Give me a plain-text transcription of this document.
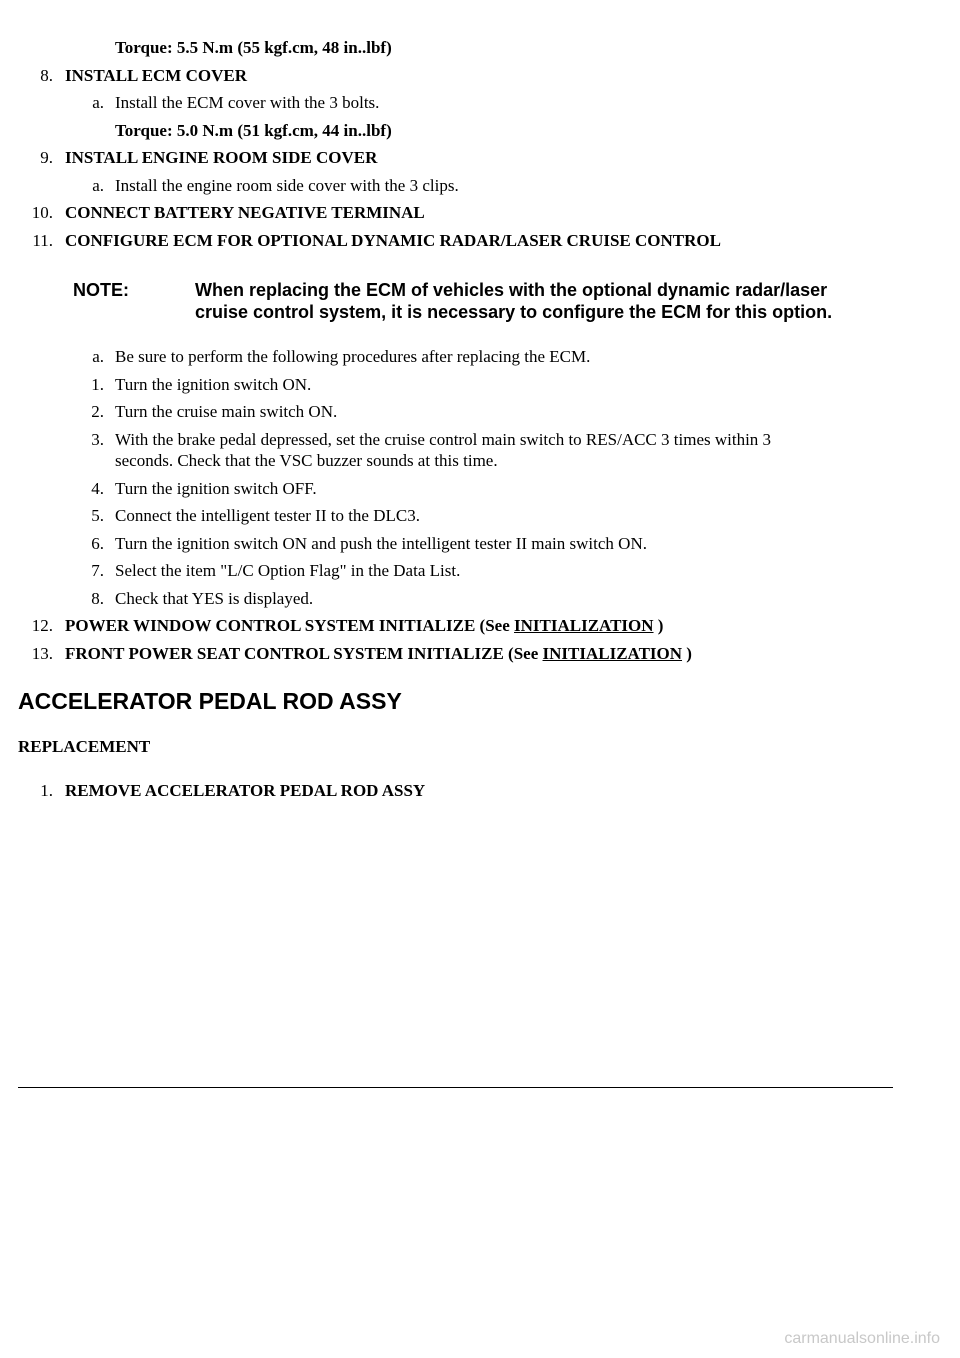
Torque: 5.5 N.m (55 kgf.cm, 48 in..lbf)
8. INSTALL ECM COVER
a. Install the ECM cover with the 3 bolts.
Torque: 5.0 N.m (51 kgf.cm, 44 in..lbf)
9. INSTALL ENGINE ROOM SIDE COVER
a. Install the engine room side cover with the 3 clips.
10. CONNECT BATTERY NEGATIVE TERMINAL
11. CONFIGURE ECM FOR OPTIONAL DYNAMIC RADAR/LASER CRUISE CONTROL
NOTE:	When replacing the ECM of vehicles with the optional dynamic radar/laser
cruise control system, it is necessary to configure the ECM for this option.
a. Be sure to perform the following procedures after replacing the ECM.
1. Turn the ignition switch ON.
2. Turn the cruise main switch ON.
3. With the brake pedal depressed, set the cruise control main switch to RES/ACC 3 times within 3
seconds. Check that the VSC buzzer sounds at this time.
4. Turn the ignition switch OFF.
5. Connect the intelligent tester II to the DLC3.
6. Turn the ignition switch ON and push the intelligent tester II main switch ON.
7. Select the item "L/C Option Flag" in the Data List.
8. Check that YES is displayed.
12. POWER WINDOW CONTROL SYSTEM INITIALIZE (See INITIALIZATION )
13. FRONT POWER SEAT CONTROL SYSTEM INITIALIZE (See INITIALIZATION )
ACCELERATOR PEDAL ROD ASSY
REPLACEMENT
1. REMOVE ACCELERATOR PEDAL ROD ASSY
carmanualsonline.info
